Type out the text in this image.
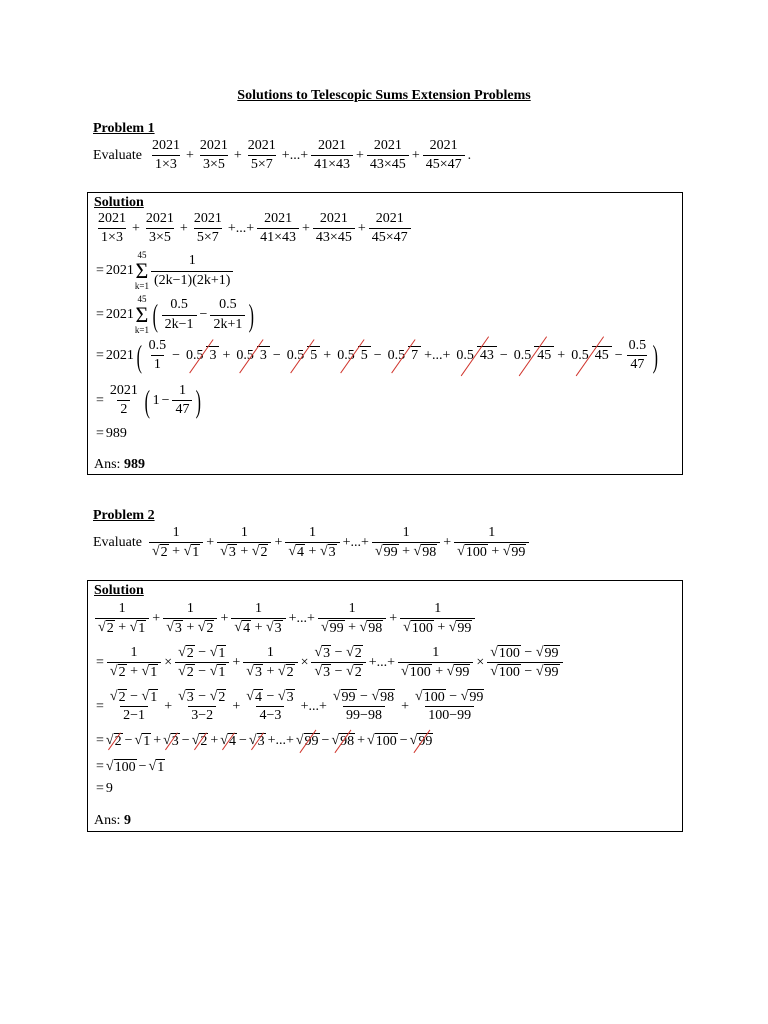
Solutions to Telescopic Sums Extension Problems
Problem 1
Evaluate $\frac{2021}{1\times 3} + \frac{2021}{3\times 5} + \frac{2021}{5\times 7}$ +...+ $\frac{2021}{41\times 43} + \frac{2021}{43\times 45} + \frac{2021}{45\times 47}$ .
Solution
$\frac{2021}{1\times 3} + \frac{2021}{3\times 5} + \frac{2021}{5\times 7}$ +...+ $\frac{2021}{41\times 43} + \frac{2021}{43\times 45} + \frac{2021}{45\times 47}$
= 2021
45
Σ
$k=1 \frac{1}{(2k-1)(2k+1)}$
= 2021
45
Σ
k=1 ( $\frac{0.5}{2k-1} - \frac{0.5}{2k+1}$ )
= 2021 ( $\frac{0.5}{1} - 0.5$ 3 + 0.5 3 − 0.5 5 + 0.5 5 − 0.5 7 +...+ 0.5 43 − 0.5 45 + 0.5 $45 - \frac{0.5}{47}$ )
= $\frac{2021}{2}$ ( $1 - \frac{1}{47}$ )
= 989
Ans: 989
Problem 2
Evaluate $\frac{1}{√ 2 + √ 1} + \frac{1}{√ 3 + √ 2} + \frac{1}{√ 4 + √ 3}$ +...+ $\frac{1}{√ 99 + √ 98} + \frac{1}{√ 100 + √ 99}$
Solution
$\frac{1}{√ 2 + √ 1} + \frac{1}{√ 3 + √ 2} + \frac{1}{√ 4 + √ 3}$ +...+ $\frac{1}{√ 99 + √ 98} + \frac{1}{√ 100 + √ 99}$
= $\frac{1}{√ 2 + √ 1} \times \frac{√ 2 - √ 1}{√ 2 - √ 1} + \frac{1}{√ 3 + √ 2} \times \frac{√ 3 - √ 2}{√ 3 - √ 2}$ +...+ $\frac{1}{√ 100 + √ 99} \times \frac{√ 100 - √ 99}{√ 100 - √ 99}$
= $\frac{√ 2 - √ 1}{2-1} + \frac{√ 3 - √ 2}{3-2} + \frac{√ 4 - √ 3}{4-3}$ +...+ $\frac{√ 99 - √ 98}{99-98} + \frac{√ 100 - √ 99}{100-99}$
= √ 2 − √ 1 + √ 3 − √ 2 + √ 4 − √ 3 +...+ √ 99 − √ 98 + √ 100 − √ 99
= √ 100 − √ 1
= 9
Ans: 9
